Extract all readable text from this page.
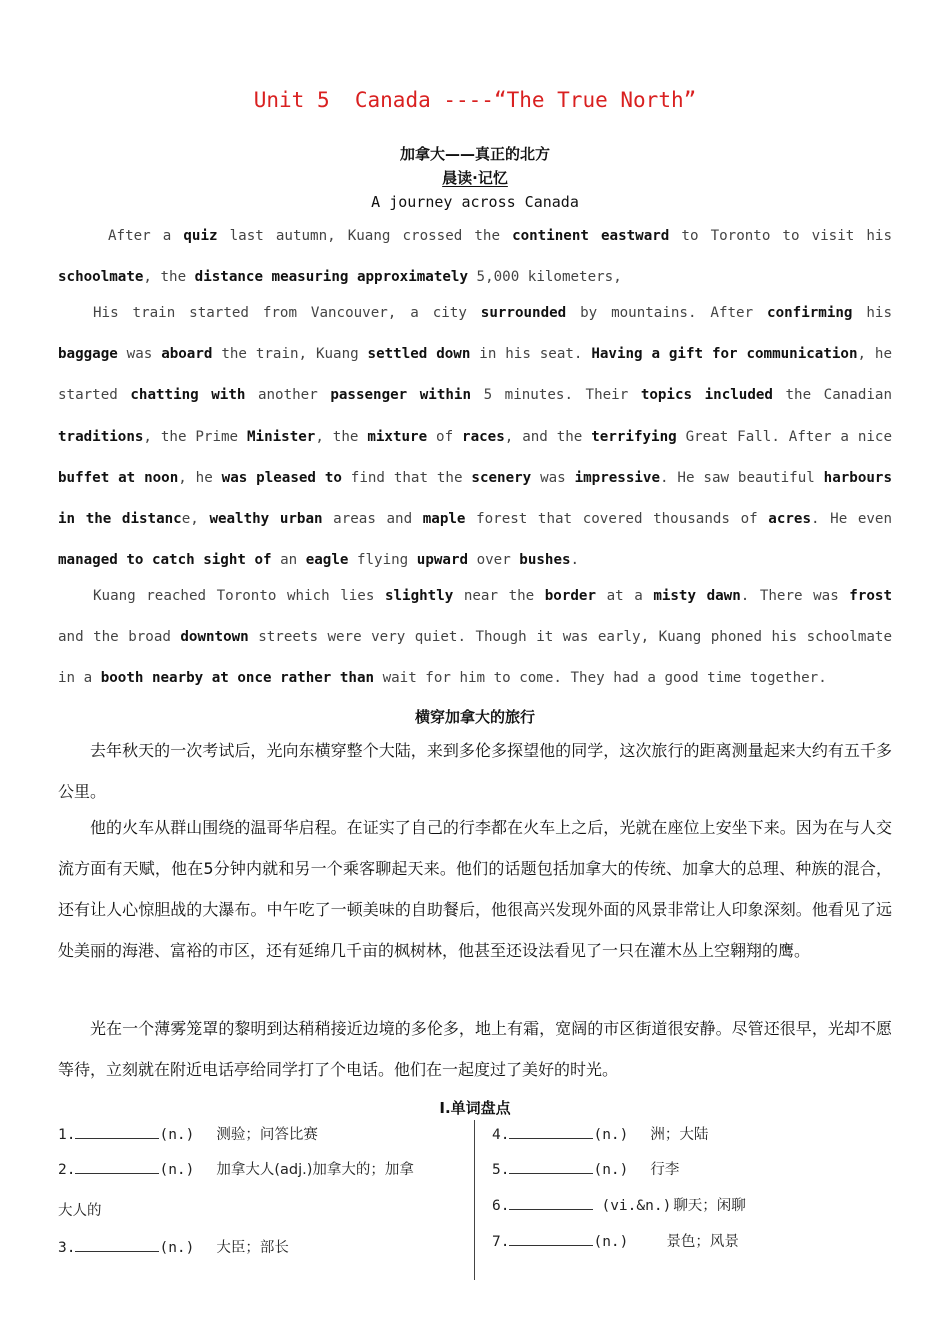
Unit 5  Canada ----“The True North”
加拿大——真正的北方
晨读·记忆
A journey across Canada

After a quiz last autumn, Kuang crossed the continent eastward to Toronto to visit his schoolmate, the distance measuring approximately 5,000 kilometers,

His train started from Vancouver, a city surrounded by mountains. After confirming his baggage was aboard the train, Kuang settled down in his seat. Having a gift for communication, he started chatting with another passenger within 5 minutes. Their topics included the Canadian traditions, the Prime Minister, the mixture of races, and the terrifying Great Fall. After a nice buffet at noon, he was pleased to find that the scenery was impressive. He saw beautiful harbours in the distance, wealthy urban areas and maple forest that covered thousands of acres. He even managed to catch sight of an eagle flying upward over bushes.

Kuang reached Toronto which lies slightly near the border at a misty dawn. There was frost and the broad downtown streets were very quiet. Though it was early, Kuang phoned his schoolmate in a booth nearby at once rather than wait for him to come. They had a good time together.

横穿加拿大的旅行

去年秋天的一次考试后，光向东横穿整个大陆，来到多伦多探望他的同学，这次旅行的距离测量起来大约有五千多公里。

他的火车从群山围绕的温哥华启程。在证实了自己的行李都在火车上之后，光就在座位上安坐下来。因为在与人交流方面有天赋，他在5分钟内就和另一个乘客聊起天来。他们的话题包括加拿大的传统、加拿大的总理、种族的混合，还有让人心惊胆战的大瀑布。中午吃了一顿美味的自助餐后，他很高兴发现外面的风景非常让人印象深刻。他看见了远处美丽的海港、富裕的市区，还有延绵几千亩的枫树林，他甚至还设法看见了一只在灌木丛上空翱翔的鹰。

光在一个薄雾笼罩的黎明到达稍稍接近边境的多伦多，地上有霜，宽阔的市区街道很安静。尽管还很早，光却不愿等待，立刻就在附近电话亭给同学打了个电话。他们在一起度过了美好的时光。

Ⅰ.单词盘点
1.	(n.) 测验；问答比赛
2.	(n.) 加拿大人(adj.)加拿大的；加拿
大人的
3.	(n.) 大臣；部长
4.	(n.) 洲；大陆
5.	(n.) 行李
6.	(vi.&n.) 聊天；闲聊
7.	(n.)	景色；风景
